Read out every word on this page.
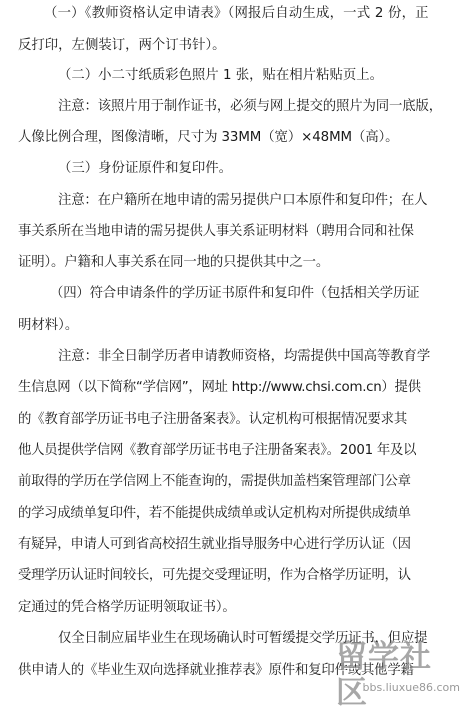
（一）《教师资格认定申请表》（网报后自动生成，一式 2 份，正
反打印，左侧装订，两个订书针）。
（二）小二寸纸质彩色照片 1 张，贴在相片粘贴页上。
注意：该照片用于制作证书，必须与网上提交的照片为同一底版，
人像比例合理，图像清晰，尺寸为 33MM（宽）×48MM（高）。
（三）身份证原件和复印件。
注意：在户籍所在地申请的需另提供户口本原件和复印件；在人
事关系所在当地申请的需另提供人事关系证明材料（聘用合同和社保
证明）。户籍和人事关系在同一地的只提供其中之一。
（四）符合申请条件的学历证书原件和复印件（包括相关学历证
明材料）。
注意：非全日制学历者申请教师资格，均需提供中国高等教育学
生信息网（以下简称“学信网”，网址 http://www.chsi.com.cn）提供
的《教育部学历证书电子注册备案表》。认定机构可根据情况要求其
他人员提供学信网《教育部学历证书电子注册备案表》。2001 年及以
前取得的学历在学信网上不能查询的，需提供加盖档案管理部门公章
的学习成绩单复印件，若不能提供成绩单或认定机构对所提供成绩单
有疑异，申请人可到省高校招生就业指导服务中心进行学历认证（因
受理学历认证时间较长，可先提交受理证明，作为合格学历证明，认
定通过的凭合格学历证明领取证书）。
仅全日制应届毕业生在现场确认时可暂缓提交学历证书，但应提
供申请人的《毕业生双向选择就业推荐表》原件和复印件或其他学籍
留学社区
bbs.liuxue86.com
